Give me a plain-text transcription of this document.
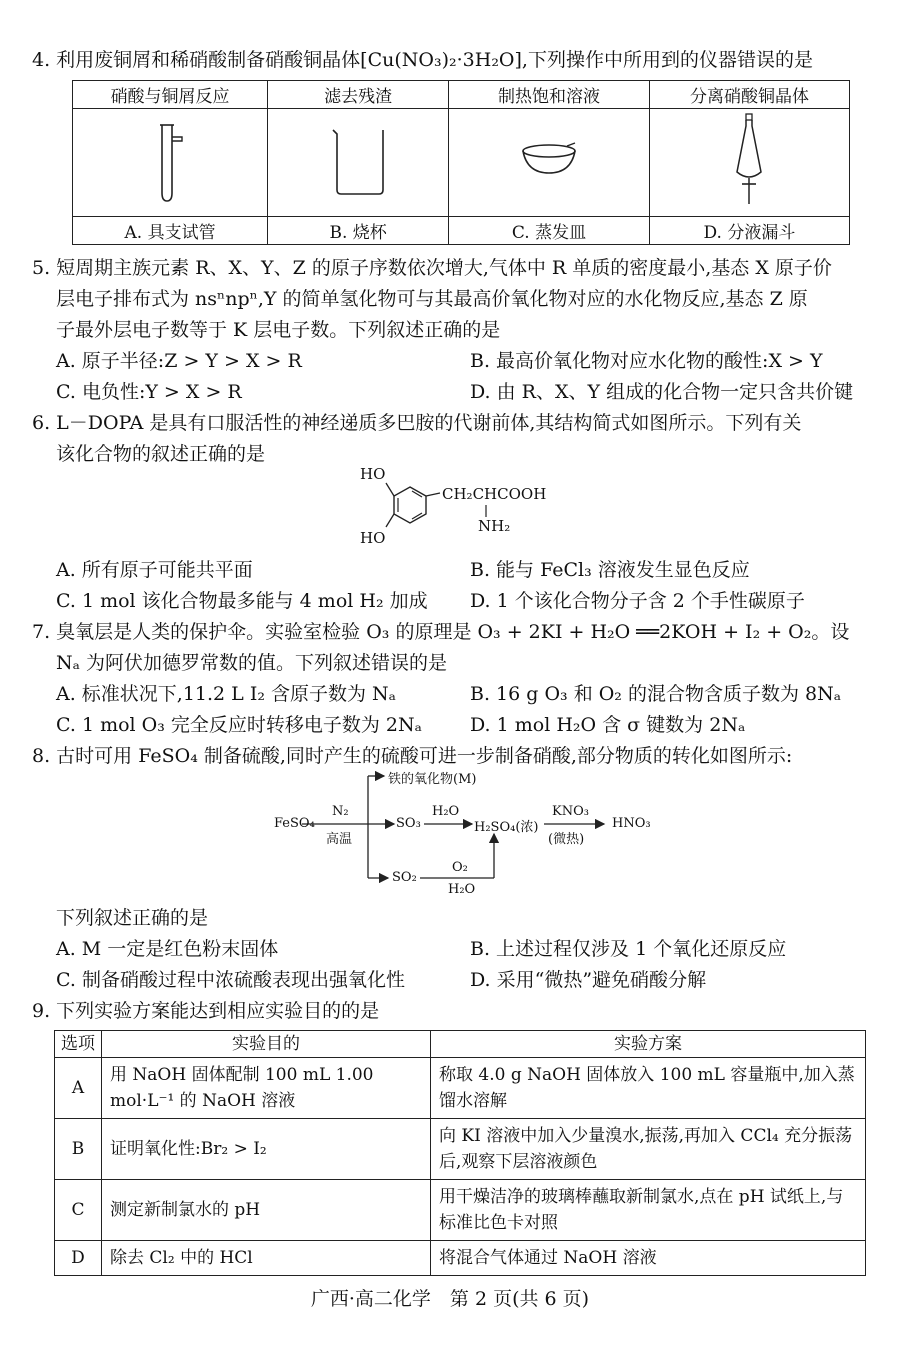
4. 利用废铜屑和稀硝酸制备硝酸铜晶体[Cu(NO₃)₂·3H₂O],下列操作中所用到的仪器错误的是
硝酸与铜屑反应	滤去残渣	制热饱和溶液	分离硝酸铜晶体

A. 具支试管	B. 烧杯	C. 蒸发皿	D. 分液漏斗
5. 短周期主族元素 R、X、Y、Z 的原子序数依次增大,气体中 R 单质的密度最小,基态 X 原子价
层电子排布式为 nsⁿnpⁿ,Y 的简单氢化物可与其最高价氧化物对应的水化物反应,基态 Z 原
子最外层电子数等于 K 层电子数。下列叙述正确的是
A. 原子半径:Z > Y > X > R	B. 最高价氧化物对应水化物的酸性:X > Y
C. 电负性:Y > X > R	D. 由 R、X、Y 组成的化合物一定只含共价键
6. L－DOPA 是具有口服活性的神经递质多巴胺的代谢前体,其结构简式如图所示。下列有关
该化合物的叙述正确的是
HO
HO
CH₂CHCOOH
NH₂
A. 所有原子可能共平面	B. 能与 FeCl₃ 溶液发生显色反应
C. 1 mol 该化合物最多能与 4 mol H₂ 加成 D. 1 个该化合物分子含 2 个手性碳原子
7. 臭氧层是人类的保护伞。实验室检验 O₃ 的原理是 O₃ + 2KI + H₂O ══2KOH + I₂ + O₂。设
Nₐ 为阿伏加德罗常数的值。下列叙述错误的是
A. 标准状况下,11.2 L I₂ 含原子数为 Nₐ	B. 16 g O₃ 和 O₂ 的混合物含质子数为 8Nₐ
C. 1 mol O₃ 完全反应时转移电子数为 2Nₐ	D. 1 mol H₂O 含 σ 键数为 2Nₐ
8. 古时可用 FeSO₄ 制备硫酸,同时产生的硫酸可进一步制备硝酸,部分物质的转化如图所示:
FeSO₄
N₂
高温
铁的氧化物(M)
SO₃
H₂O
H₂SO₄(浓)
KNO₃
(微热)
HNO₃
SO₂
O₂
H₂O
下列叙述正确的是
A. M 一定是红色粉末固体	B. 上述过程仅涉及 1 个氧化还原反应
C. 制备硝酸过程中浓硫酸表现出强氧化性	D. 采用“微热”避免硝酸分解
9. 下列实验方案能达到相应实验目的的是
选项	实验目的	实验方案
A	用 NaOH 固体配制 100 mL 1.00 mol·L⁻¹ 的 NaOH 溶液	称取 4.0 g NaOH 固体放入 100 mL 容量瓶中,加入蒸馏水溶解
B	证明氧化性:Br₂ > I₂	向 KI 溶液中加入少量溴水,振荡,再加入 CCl₄ 充分振荡后,观察下层溶液颜色
C	测定新制氯水的 pH	用干燥洁净的玻璃棒蘸取新制氯水,点在 pH 试纸上,与标准比色卡对照
D	除去 Cl₂ 中的 HCl	将混合气体通过 NaOH 溶液
广西·高二化学　第 2 页(共 6 页)
